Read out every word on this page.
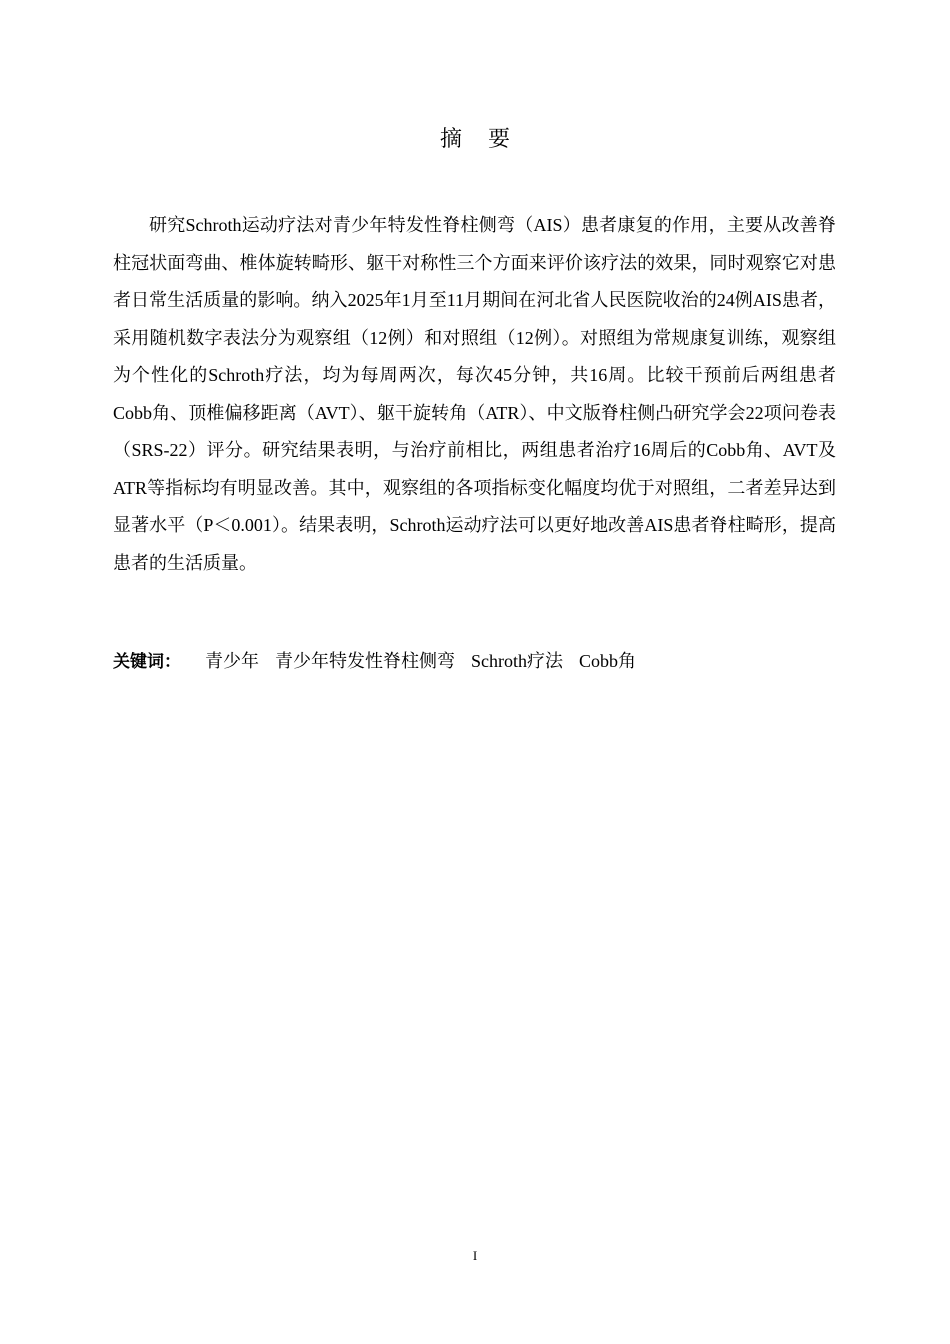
摘要

研究Schroth运动疗法对青少年特发性脊柱侧弯（AIS）患者康复的作用，主要从改善脊柱冠状面弯曲、椎体旋转畸形、躯干对称性三个方面来评价该疗法的效果，同时观察它对患者日常生活质量的影响。纳入2025年1月至11月期间在河北省人民医院收治的24例AIS患者，采用随机数字表法分为观察组（12例）和对照组（12例）。对照组为常规康复训练，观察组为个性化的Schroth疗法，均为每周两次，每次45分钟，共16周。比较干预前后两组患者Cobb角、顶椎偏移距离（AVT）、躯干旋转角（ATR）、中文版脊柱侧凸研究学会22项问卷表（SRS-22）评分。研究结果表明，与治疗前相比，两组患者治疗16周后的Cobb角、AVT及ATR等指标均有明显改善。其中，观察组的各项指标变化幅度均优于对照组，二者差异达到显著水平（P＜0.001）。结果表明，Schroth运动疗法可以更好地改善AIS患者脊柱畸形，提高患者的生活质量。

关键词： 青少年 青少年特发性脊柱侧弯 Schroth疗法 Cobb角
I
